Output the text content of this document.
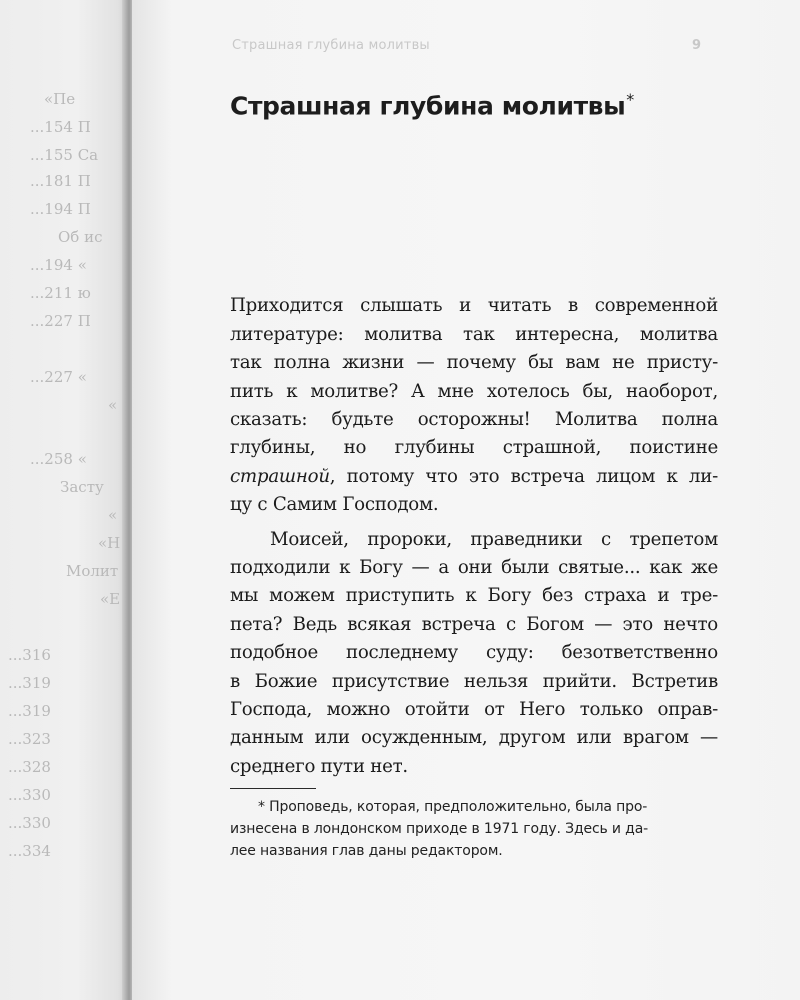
«Пе
...154 П
...155 Са
...181 П
...194 П
Об ис
...194 «
...211 ю
...227 П
...227 «
«
...258 «
Засту
«
«Н
Молит
«Е
...316
...319
...319
...323
...328
...330
...330
...334
Страшная глубина молитвы	9
Страшная глубина молитвы*

Приходится слышать и читать в современной
литературе: молитва так интересна, молитва
так полна жизни — почему бы вам не присту-
пить к молитве? А мне хотелось бы, наоборот,
сказать: будьте осторожны! Молитва полна
глубины, но глубины страшной, поистине
страшной, потому что это встреча лицом к ли-
цу с Самим Господом.

Моисей, пророки, праведники с трепетом
подходили к Богу — а они были святые... как же
мы можем приступить к Богу без страха и тре-
пета? Ведь всякая встреча с Богом — это нечто
подобное последнему суду: безответственно
в Божие присутствие нельзя прийти. Встретив
Господа, можно отойти от Него только оправ-
данным или осужденным, другом или врагом —
среднего пути нет.

* Проповедь, которая, предположительно, была про-
изнесена в лондонском приходе в 1971 году. Здесь и да-
лее названия глав даны редактором.
